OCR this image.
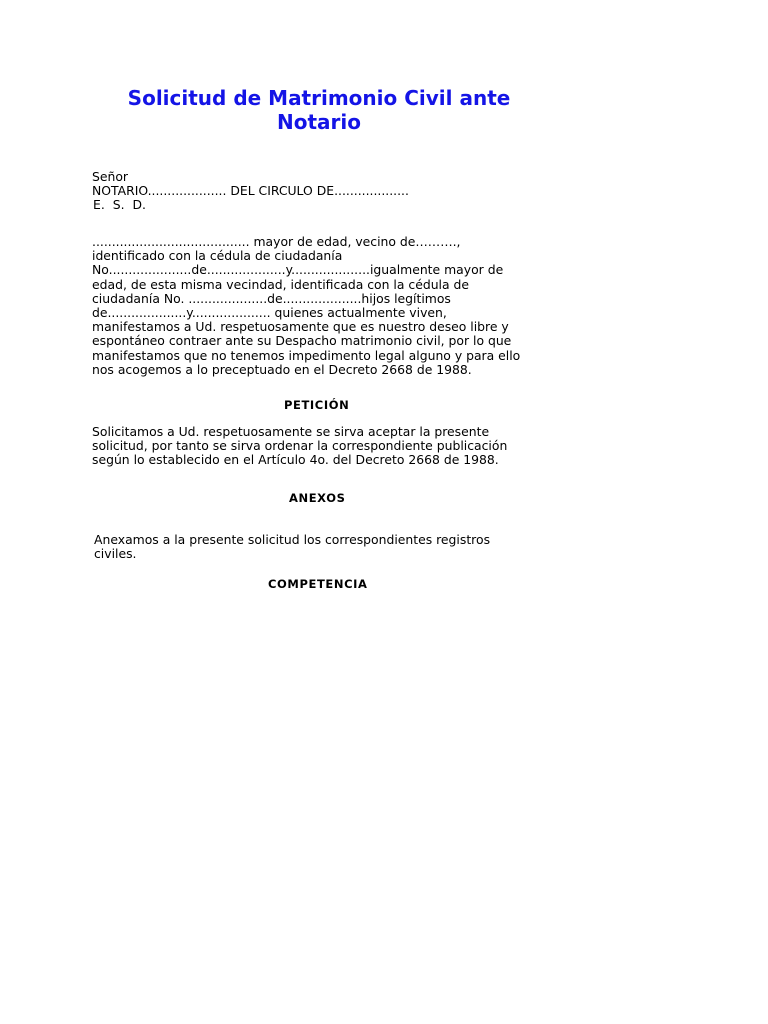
Solicitud de Matrimonio Civil ante
Notario

Señor

NOTARIO.................... DEL CIRCULO DE...................

E. S. D.

........................................ mayor de edad, vecino de……….,

identificado con la cédula de ciudadanía

No.....................de....................y....................igualmente mayor de

edad, de esta misma vecindad, identificada con la cédula de

ciudadanía No. ....................de....................hijos legítimos

de....................y.................... quienes actualmente viven,

manifestamos a Ud. respetuosamente que es nuestro deseo libre y

espontáneo contraer ante su Despacho matrimonio civil, por lo que

manifestamos que no tenemos impedimento legal alguno y para ello

nos acogemos a lo preceptuado en el Decreto 2668 de 1988.

PETICIÓN

Solicitamos a Ud. respetuosamente se sirva aceptar la presente

solicitud, por tanto se sirva ordenar la correspondiente publicación

según lo establecido en el Artículo 4o. del Decreto 2668 de 1988.

ANEXOS

Anexamos a la presente solicitud los correspondientes registros

civiles.

COMPETENCIA
